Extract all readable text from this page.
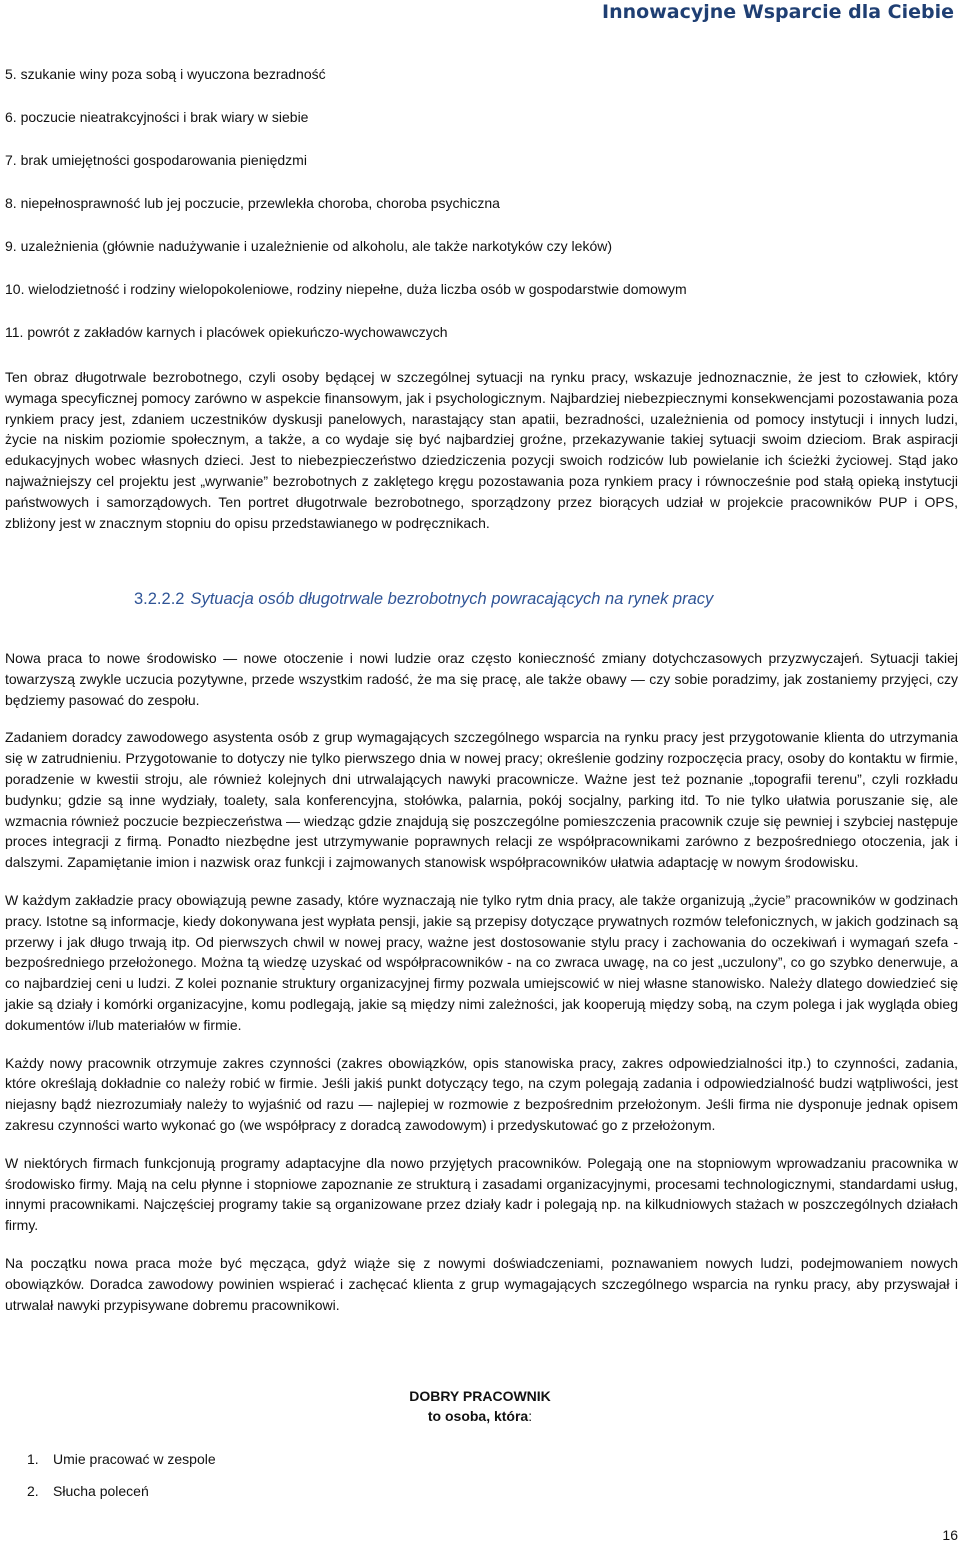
Innowacyjne Wsparcie dla Ciebie
5. szukanie winy poza sobą i wyuczona bezradność
6. poczucie nieatrakcyjności i brak wiary w siebie
7. brak umiejętności gospodarowania pieniędzmi
8. niepełnosprawność lub jej poczucie, przewlekła choroba, choroba psychiczna
9. uzależnienia (głównie nadużywanie i uzależnienie od alkoholu, ale także narkotyków czy leków)
10. wielodzietność i rodziny wielopokoleniowe, rodziny niepełne, duża liczba osób w gospodarstwie domowym
11. powrót z zakładów karnych i placówek opiekuńczo-wychowawczych

Ten obraz długotrwale bezrobotnego, czyli osoby będącej w szczególnej sytuacji na rynku pracy, wskazuje jednoznacznie, że jest to człowiek, który wymaga specyficznej pomocy zarówno w aspekcie finansowym, jak i psychologicznym. Najbardziej niebezpiecznymi konsekwencjami pozostawania poza rynkiem pracy jest, zdaniem uczestników dyskusji panelowych, narastający stan apatii, bezradności, uzależnienia od pomocy instytucji i innych ludzi, życie na niskim poziomie społecznym, a także, a co wydaje się być najbardziej groźne, przekazywanie takiej sytuacji swoim dzieciom. Brak aspiracji edukacyjnych wobec własnych dzieci. Jest to niebezpieczeństwo dziedziczenia pozycji swoich rodziców lub powielanie ich ścieżki życiowej. Stąd jako najważniejszy cel projektu jest „wyrwanie” bezrobotnych z zaklętego kręgu pozostawania poza rynkiem pracy i równocześnie pod stałą opieką instytucji państwowych i samorządowych. Ten portret długotrwale bezrobotnego, sporządzony przez biorących udział w projekcie pracowników PUP i OPS, zbliżony jest w znacznym stopniu do opisu przedstawianego w podręcznikach.

3.2.2.2 Sytuacja osób długotrwale bezrobotnych powracających na rynek pracy

Nowa praca to nowe środowisko — nowe otoczenie i nowi ludzie oraz często konieczność zmiany dotychczasowych przyzwyczajeń. Sytuacji takiej towarzyszą zwykle uczucia pozytywne, przede wszystkim radość, że ma się pracę, ale także obawy — czy sobie poradzimy, jak zostaniemy przyjęci, czy będziemy pasować do zespołu.

Zadaniem doradcy zawodowego asystenta osób z grup wymagających szczególnego wsparcia na rynku pracy jest przygotowanie klienta do utrzymania się w zatrudnieniu. Przygotowanie to dotyczy nie tylko pierwszego dnia w nowej pracy; określenie godziny rozpoczęcia pracy, osoby do kontaktu w firmie, poradzenie w kwestii stroju, ale również kolejnych dni utrwalających nawyki pracownicze. Ważne jest też poznanie „topografii terenu”, czyli rozkładu budynku; gdzie są inne wydziały, toalety, sala konferencyjna, stołówka, palarnia, pokój socjalny, parking itd. To nie tylko ułatwia poruszanie się, ale wzmacnia również poczucie bezpieczeństwa — wiedząc gdzie znajdują się poszczególne pomieszczenia pracownik czuje się pewniej i szybciej następuje proces integracji z firmą. Ponadto niezbędne jest utrzymywanie poprawnych relacji ze współpracownikami zarówno z bezpośredniego otoczenia, jak i dalszymi. Zapamiętanie imion i nazwisk oraz funkcji i zajmowanych stanowisk współpracowników ułatwia adaptację w nowym środowisku.

W każdym zakładzie pracy obowiązują pewne zasady, które wyznaczają nie tylko rytm dnia pracy, ale także organizują „życie” pracowników w godzinach pracy. Istotne są informacje, kiedy dokonywana jest wypłata pensji, jakie są przepisy dotyczące prywatnych rozmów telefonicznych, w jakich godzinach są przerwy i jak długo trwają itp. Od pierwszych chwil w nowej pracy, ważne jest dostosowanie stylu pracy i zachowania do oczekiwań i wymagań szefa - bezpośredniego przełożonego. Można tą wiedzę uzyskać od współpracowników - na co zwraca uwagę, na co jest „uczulony”, co go szybko denerwuje, a co najbardziej ceni u ludzi. Z kolei poznanie struktury organizacyjnej firmy pozwala umiejscowić w niej własne stanowisko. Należy dlatego dowiedzieć się jakie są działy i komórki organizacyjne, komu podlegają, jakie są między nimi zależności, jak kooperują między sobą, na czym polega i jak wygląda obieg dokumentów i/lub materiałów w firmie.

Każdy nowy pracownik otrzymuje zakres czynności (zakres obowiązków, opis stanowiska pracy, zakres odpowiedzialności itp.) to czynności, zadania, które określają dokładnie co należy robić w firmie. Jeśli jakiś punkt dotyczący tego, na czym polegają zadania i odpowiedzialność budzi wątpliwości, jest niejasny bądź niezrozumiały należy to wyjaśnić od razu — najlepiej w rozmowie z bezpośrednim przełożonym. Jeśli firma nie dysponuje jednak opisem zakresu czynności warto wykonać go (we współpracy z doradcą zawodowym) i przedyskutować go z przełożonym.

W niektórych firmach funkcjonują programy adaptacyjne dla nowo przyjętych pracowników. Polegają one na stopniowym wprowadzaniu pracownika w środowisko firmy. Mają na celu płynne i stopniowe zapoznanie ze strukturą i zasadami organizacyjnymi, procesami technologicznymi, standardami usług, innymi pracownikami. Najczęściej programy takie są organizowane przez działy kadr i polegają np. na kilkudniowych stażach w poszczególnych działach firmy.

Na początku nowa praca może być męcząca, gdyż wiąże się z nowymi doświadczeniami, poznawaniem nowych ludzi, podejmowaniem nowych obowiązków. Doradca zawodowy powinien wspierać i zachęcać klienta z grup wymagających szczególnego wsparcia na rynku pracy, aby przyswajał i utrwalał nawyki przypisywane dobremu pracownikowi.

DOBRY PRACOWNIK
to osoba, która:
1. Umie pracować w zespole
2. Słucha poleceń
16
